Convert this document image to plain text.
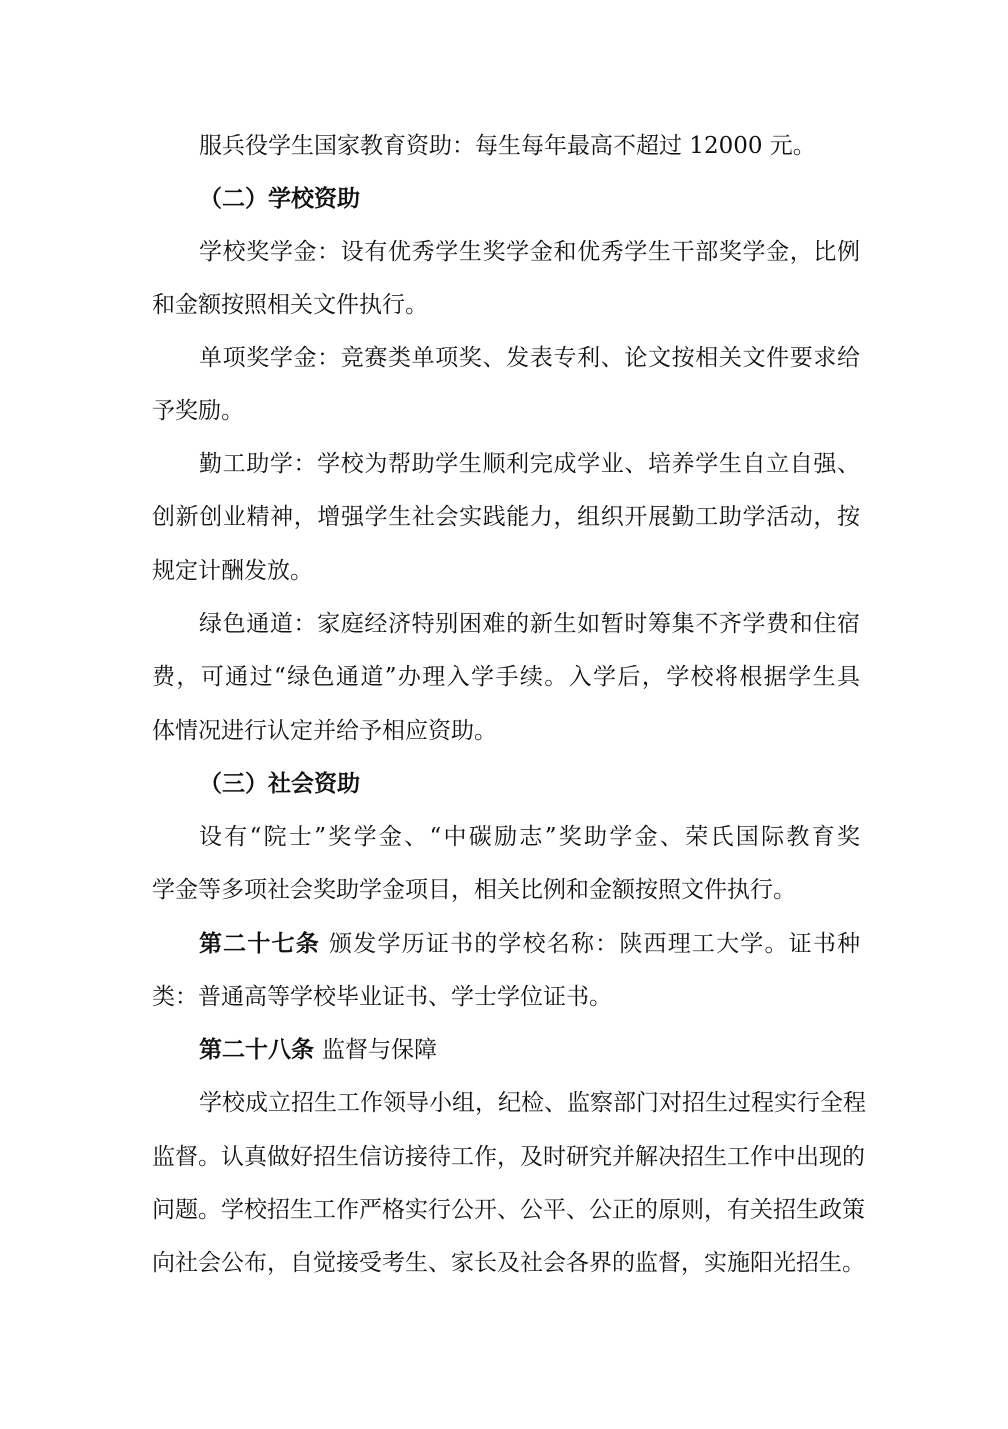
服兵役学生国家教育资助：每生每年最高不超过 12000 元。
（二）学校资助
学校奖学金：设有优秀学生奖学金和优秀学生干部奖学金，比例
和金额按照相关文件执行。
单项奖学金：竞赛类单项奖、发表专利、论文按相关文件要求给
予奖励。
勤工助学：学校为帮助学生顺利完成学业、培养学生自立自强、
创新创业精神，增强学生社会实践能力，组织开展勤工助学活动，按
规定计酬发放。
绿色通道：家庭经济特别困难的新生如暂时筹集不齐学费和住宿
费，可通过“绿色通道”办理入学手续。入学后，学校将根据学生具
体情况进行认定并给予相应资助。
（三）社会资助
设有“院士”奖学金、“中碳励志”奖助学金、荣氏国际教育奖
学金等多项社会奖助学金项目，相关比例和金额按照文件执行。
第二十七条 颁发学历证书的学校名称：陕西理工大学。证书种
类：普通高等学校毕业证书、学士学位证书。
第二十八条 监督与保障
学校成立招生工作领导小组，纪检、监察部门对招生过程实行全程
监督。认真做好招生信访接待工作，及时研究并解决招生工作中出现的
问题。学校招生工作严格实行公开、公平、公正的原则，有关招生政策
向社会公布，自觉接受考生、家长及社会各界的监督，实施阳光招生。
